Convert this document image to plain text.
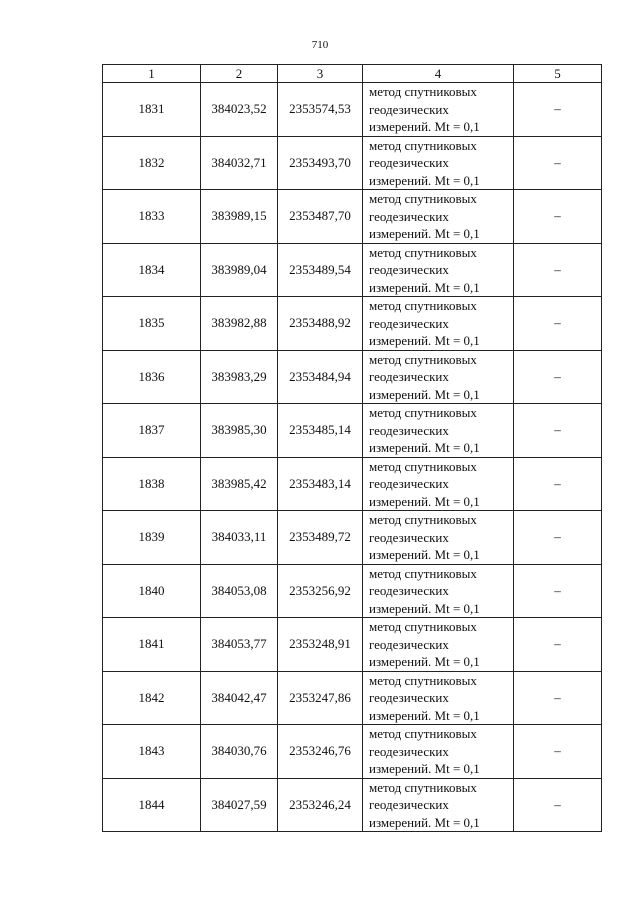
710
1	2	3	4	5
1831	384023,52	2353574,53	метод спутниковых
геодезических
измерений. Mt = 0,1	–
1832	384032,71	2353493,70	метод спутниковых
геодезических
измерений. Mt = 0,1	–
1833	383989,15	2353487,70	метод спутниковых
геодезических
измерений. Mt = 0,1	–
1834	383989,04	2353489,54	метод спутниковых
геодезических
измерений. Mt = 0,1	–
1835	383982,88	2353488,92	метод спутниковых
геодезических
измерений. Mt = 0,1	–
1836	383983,29	2353484,94	метод спутниковых
геодезических
измерений. Mt = 0,1	–
1837	383985,30	2353485,14	метод спутниковых
геодезических
измерений. Mt = 0,1	–
1838	383985,42	2353483,14	метод спутниковых
геодезических
измерений. Mt = 0,1	–
1839	384033,11	2353489,72	метод спутниковых
геодезических
измерений. Mt = 0,1	–
1840	384053,08	2353256,92	метод спутниковых
геодезических
измерений. Mt = 0,1	–
1841	384053,77	2353248,91	метод спутниковых
геодезических
измерений. Mt = 0,1	–
1842	384042,47	2353247,86	метод спутниковых
геодезических
измерений. Mt = 0,1	–
1843	384030,76	2353246,76	метод спутниковых
геодезических
измерений. Mt = 0,1	–
1844	384027,59	2353246,24	метод спутниковых
геодезических
измерений. Mt = 0,1	–
